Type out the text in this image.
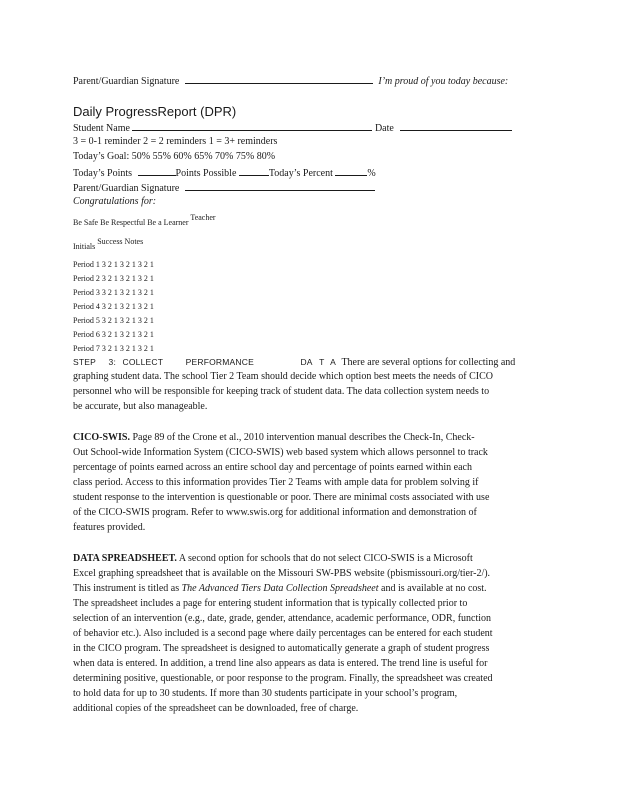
Parent/Guardian Signature	I’m proud of you today because:
Daily ProgressReport (DPR)
Student Name	Date
3 = 0-1 reminder 2 = 2 reminders 1 = 3+ reminders
Today’s Goal: 50% 55% 60% 65% 70% 75% 80%
Today’s Points	Points Possible	Today’s Percent	%
Parent/Guardian Signature
Congratulations for:
Be Safe Be Respectful Be a Learner Teacher
Initials Success Notes
Period 1 3 2 1 3 2 1 3 2 1
Period 2 3 2 1 3 2 1 3 2 1
Period 3 3 2 1 3 2 1 3 2 1
Period 4 3 2 1 3 2 1 3 2 1
Period 5 3 2 1 3 2 1 3 2 1
Period 6 3 2 1 3 2 1 3 2 1
Period 7 3 2 1 3 2 1 3 2 1
STEP 3: COLLECT	PERFORMANCE	DA T A There are several options for collecting and
graphing student data. The school Tier 2 Team should decide which option best meets the needs of CICO
personnel who will be responsible for keeping track of student data. The data collection system needs to
be accurate, but also manageable.
CICO-SWIS. Page 89 of the Crone et al., 2010 intervention manual describes the Check-In, Check-
Out School-wide Information System (CICO-SWIS) web based system which allows personnel to track
percentage of points earned across an entire school day and percentage of points earned within each
class period. Access to this information provides Tier 2 Teams with ample data for problem solving if
student response to the intervention is questionable or poor. There are minimal costs associated with use
of the CICO-SWIS program. Refer to www.swis.org for additional information and demonstration of
features provided.
DATA SPREADSHEET. A second option for schools that do not select CICO-SWIS is a Microsoft
Excel graphing spreadsheet that is available on the Missouri SW-PBS website (pbismissouri.org/tier-2/).
This instrument is titled as The Advanced Tiers Data Collection Spreadsheet and is available at no cost.
The spreadsheet includes a page for entering student information that is typically collected prior to
selection of an intervention (e.g., date, grade, gender, attendance, academic performance, ODR, function
of behavior etc.). Also included is a second page where daily percentages can be entered for each student
in the CICO program. The spreadsheet is designed to automatically generate a graph of student progress
when data is entered. In addition, a trend line also appears as data is entered. The trend line is useful for
determining positive, questionable, or poor response to the program. Finally, the spreadsheet was created
to hold data for up to 30 students. If more than 30 students participate in your school’s program,
additional copies of the spreadsheet can be downloaded, free of charge.
